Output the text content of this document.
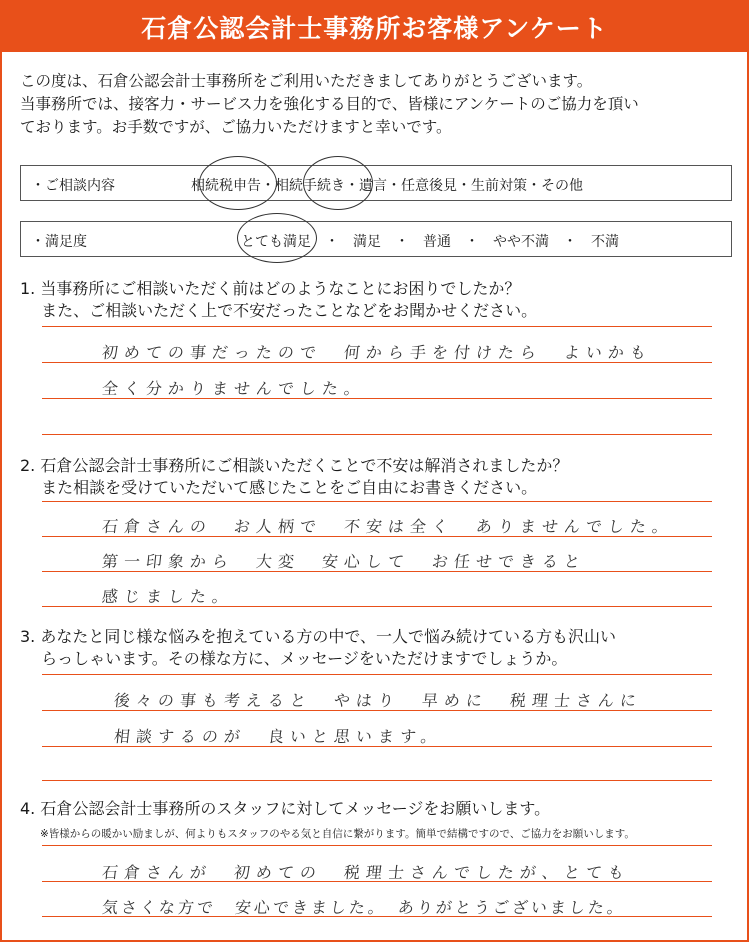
石倉公認会計士事務所お客様アンケート
この度は、石倉公認会計士事務所をご利用いただきましてありがとうございます。
当事務所では、接客力・サービス力を強化する目的で、皆様にアンケートのご協力を頂い
ております。お手数ですが、ご協力いただけますと幸いです。
・ご相談内容	相続税申告・相続手続き・遺言・任意後見・生前対策・その他
・満足度	とても満足　・　満足　・　普通　・　やや不満　・　不満
1. 当事務所にご相談いただく前はどのようなことにお困りでしたか？
　 また、ご相談いただく上で不安だったことなどをお聞かせください。
初めての事だったので　何から手を付けたら　よいかも
全く分かりませんでした。
2. 石倉公認会計士事務所にご相談いただくことで不安は解消されましたか？
　 また相談を受けていただいて感じたことをご自由にお書きください。
石倉さんの　お人柄で　不安は全く　ありませんでした。
第一印象から　大変　安心して　お任せできると
感じました。
3. あなたと同じ様な悩みを抱えている方の中で、一人で悩み続けている方も沢山い
　 らっしゃいます。その様な方に、メッセージをいただけますでしょうか。
後々の事も考えると　やはり　早めに　税理士さんに
相談するのが　良いと思います。
4. 石倉公認会計士事務所のスタッフに対してメッセージをお願いします。
※皆様からの暖かい励ましが、何よりもスタッフのやる気と自信に繋がります。簡単で結構ですので、ご協力をお願いします。
石倉さんが　初めての　税理士さんでしたが、とても
気さくな方で　安心できました。　ありがとうございました。
